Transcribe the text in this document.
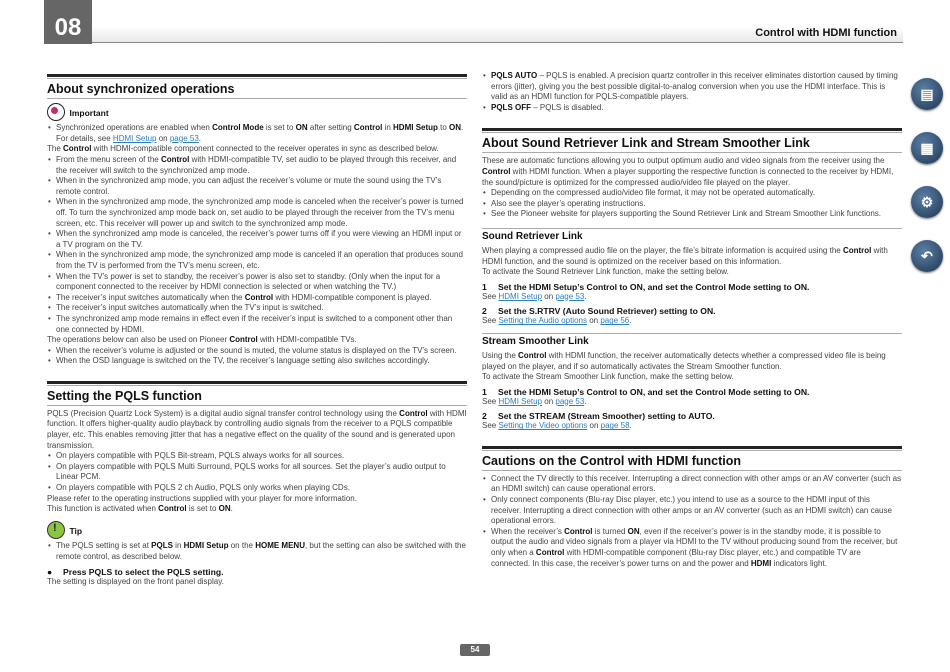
08	Control with HDMI function
▤
▦
⚙
↶
About synchronized operations
Important
• Synchronized operations are enabled when Control Mode is set to ON after setting Control in HDMI Setup to ON. For details, see HDMI Setup on page 53.

The Control with HDMI-compatible component connected to the receiver operates in sync as described below.

• From the menu screen of the Control with HDMI-compatible TV, set audio to be played through this receiver, and the receiver will switch to the synchronized amp mode.
• When in the synchronized amp mode, you can adjust the receiver’s volume or mute the sound using the TV’s remote control.
• When in the synchronized amp mode, the synchronized amp mode is canceled when the receiver’s power is turned off. To turn the synchronized amp mode back on, set audio to be played through the receiver from the TV’s menu screen, etc. This receiver will power up and switch to the synchronized amp mode.
• When the synchronized amp mode is canceled, the receiver’s power turns off if you were viewing an HDMI input or a TV program on the TV.
• When in the synchronized amp mode, the synchronized amp mode is canceled if an operation that produces sound from the TV is performed from the TV’s menu screen, etc.
• When the TV’s power is set to standby, the receiver’s power is also set to standby. (Only when the input for a component connected to the receiver by HDMI connection is selected or when watching the TV.)
• The receiver’s input switches automatically when the Control with HDMI-compatible component is played.
• The receiver’s input switches automatically when the TV’s input is switched.
• The synchronized amp mode remains in effect even if the receiver’s input is switched to a component other than one connected by HDMI.

The operations below can also be used on Pioneer Control with HDMI-compatible TVs.

• When the receiver’s volume is adjusted or the sound is muted, the volume status is displayed on the TV’s screen.
• When the OSD language is switched on the TV, the receiver’s language setting also switches accordingly.
Setting the PQLS function

PQLS (Precision Quartz Lock System) is a digital audio signal transfer control technology using the Control with HDMI function. It offers higher-quality audio playback by controlling audio signals from the receiver to a PQLS compatible player, etc. This enables removing jitter that has a negative effect on the quality of the sound and is generated upon transmission.

• On players compatible with PQLS Bit-stream, PQLS always works for all sources.
• On players compatible with PQLS Multi Surround, PQLS works for all sources. Set the player’s audio output to Linear PCM.
• On players compatible with PQLS 2 ch Audio, PQLS only works when playing CDs.

Please refer to the operating instructions supplied with your player for more information.

This function is activated when Control is set to ON.

! Tip
• The PQLS setting is set at PQLS in HDMI Setup on the HOME MENU, but the setting can also be switched with the remote control, as described below.

● Press PQLS to select the PQLS setting.

The setting is displayed on the front panel display.

• PQLS AUTO – PQLS is enabled. A precision quartz controller in this receiver eliminates distortion caused by timing errors (jitter), giving you the best possible digital-to-analog conversion when you use the HDMI interface. This is valid as an HDMI function for PQLS-compatible players.
• PQLS OFF – PQLS is disabled.
About Sound Retriever Link and Stream Smoother Link

These are automatic functions allowing you to output optimum audio and video signals from the receiver using the Control with HDMI function. When a player supporting the respective function is connected to the receiver by HDMI, the sound/picture is optimized for the compressed audio/video file played on the player.

• Depending on the compressed audio/video file format, it may not be operated automatically.
• Also see the player’s operating instructions.
• See the Pioneer website for players supporting the Sound Retriever Link and Stream Smoother Link functions.
Sound Retriever Link

When playing a compressed audio file on the player, the file’s bitrate information is acquired using the Control with HDMI function, and the sound is optimized on the receiver based on this information.

To activate the Sound Retriever Link function, make the setting below.

1 Set the HDMI Setup’s Control to ON, and set the Control Mode setting to ON.

See HDMI Setup on page 53.

2 Set the S.RTRV (Auto Sound Retriever) setting to ON.

See Setting the Audio options on page 56.

Stream Smoother Link

Using the Control with HDMI function, the receiver automatically detects whether a compressed video file is being played on the player, and if so automatically activates the Stream Smoother function.

To activate the Stream Smoother Link function, make the setting below.

1 Set the HDMI Setup’s Control to ON, and set the Control Mode setting to ON.

See HDMI Setup on page 53.

2 Set the STREAM (Stream Smoother) setting to AUTO.

See Setting the Video options on page 58.

Cautions on the Control with HDMI function
• Connect the TV directly to this receiver. Interrupting a direct connection with other amps or an AV converter (such as an HDMI switch) can cause operational errors.
• Only connect components (Blu-ray Disc player, etc.) you intend to use as a source to the HDMI input of this receiver. Interrupting a direct connection with other amps or an AV converter (such as an HDMI switch) can cause operational errors.
• When the receiver’s Control is turned ON, even if the receiver’s power is in the standby mode, it is possible to output the audio and video signals from a player via HDMI to the TV without producing sound from the receiver, but only when a Control with HDMI-compatible component (Blu-ray Disc player, etc.) and compatible TV are connected. In this case, the receiver’s power turns on and the power and HDMI indicators light.
54
